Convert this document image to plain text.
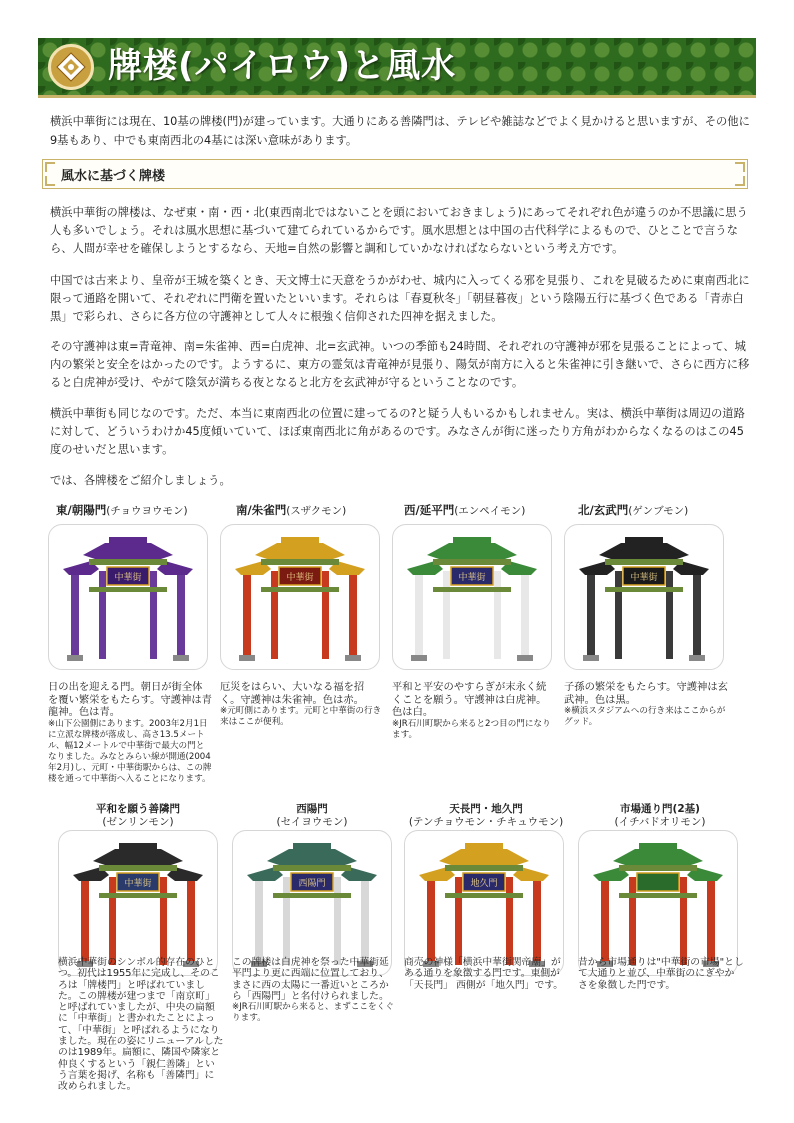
牌楼(パイロウ)と風水
横浜中華街には現在、10基の牌楼(門)が建っています。大通りにある善隣門は、テレビや雑誌などでよく見かけると思いますが、その他に9基もあり、中でも東南西北の4基には深い意味があります。
風水に基づく牌楼

横浜中華街の牌楼は、なぜ東・南・西・北(東西南北ではないことを頭においておきましょう)にあってそれぞれ色が違うのか不思議に思う人も多いでしょう。それは風水思想に基づいて建てられているからです。風水思想とは中国の古代科学によるもので、ひとことで言うなら、人間が幸せを確保しようとするなら、天地=自然の影響と調和していかなければならないという考え方です。

中国では古来より、皇帝が王城を築くとき、天文博士に天意をうかがわせ、城内に入ってくる邪を見張り、これを見破るために東南西北に限って通路を開いて、それぞれに門衛を置いたといいます。それらは「春夏秋冬」「朝昼暮夜」という陰陽五行に基づく色である「青赤白黒」で彩られ、さらに各方位の守護神として人々に根強く信仰された四神を据えました。

その守護神は東=青竜神、南=朱雀神、西=白虎神、北=玄武神。いつの季節も24時間、それぞれの守護神が邪を見張ることによって、城内の繁栄と安全をはかったのです。ようするに、東方の霊気は青竜神が見張り、陽気が南方に入ると朱雀神に引き継いで、さらに西方に移ると白虎神が受け、やがて陰気が満ちる夜となると北方を玄武神が守るということなのです。

横浜中華街も同じなのです。ただ、本当に東南西北の位置に建ってるの?と疑う人もいるかもしれません。実は、横浜中華街は周辺の道路に対して、どういうわけか45度傾いていて、ほぼ東南西北に角があるのです。みなさんが街に迷ったり方角がわからなくなるのはこの45度のせいだと思います。

では、各牌楼をご紹介しましょう。

東/朝陽門(チョウヨウモン)	南/朱雀門(スザクモン)	西/延平門(エンペイモン)	北/玄武門(ゲンブモン)
中華街	中華街	中華街	中華街
日の出を迎える門。朝日が街全体を覆い繁栄をもたらす。守護神は青龍神。色は青。
※山下公園側にあります。2003年2月1日に立派な牌楼が落成し、高さ13.5メートル、幅12メートルで中華街で最大の門となりました。みなとみらい線が開通(2004年2月)し、元町・中華街駅からは、この牌楼を通って中華街へ入ることになります。
厄災をはらい、大いなる福を招く。守護神は朱雀神。色は赤。
※元町側にあります。元町と中華街の行き来はここが便利。
平和と平安のやすらぎが末永く続くことを願う。守護神は白虎神。色は白。
※JR石川町駅から来ると2つ目の門になります。
子孫の繁栄をもたらす。守護神は玄武神。色は黒。
※横浜スタジアムへの行き来はここからがグッド。
平和を願う善隣門
(ゼンリンモン)
西陽門
(セイヨウモン)
天長門・地久門
(テンチョウモン・チキュウモン)
市場通り門(2基)
(イチバドオリモン)
中華街	西陽門	地久門
横浜中華街のシンボル的存在のひとつ。初代は1955年に完成し、そのころは「牌楼門」と呼ばれていました。この牌楼が建つまで「南京町」と呼ばれていましたが、中央の扁額に「中華街」と書かれたことによって、「中華街」と呼ばれるようになりました。現在の姿にリニューアルしたのは1989年。扁額に、隣国や隣家と仲良くするという「親仁善隣」という言葉を掲げ、名称も「善隣門」に改められました。
この牌楼は白虎神を祭った中華街延平門より更に西端に位置しており、まさに西の太陽に一番近いところから「西陽門」と名付けられました。
※JR石川町駅から来ると、まずここをくぐります。
商売の神様「横浜中華街関帝廟」がある通りを象徴する門です。東側が「天長門」 西側が「地久門」です。
昔から市場通りは"中華街の市場"として大通りと並び、中華街のにぎやかさを象徴した門です。
